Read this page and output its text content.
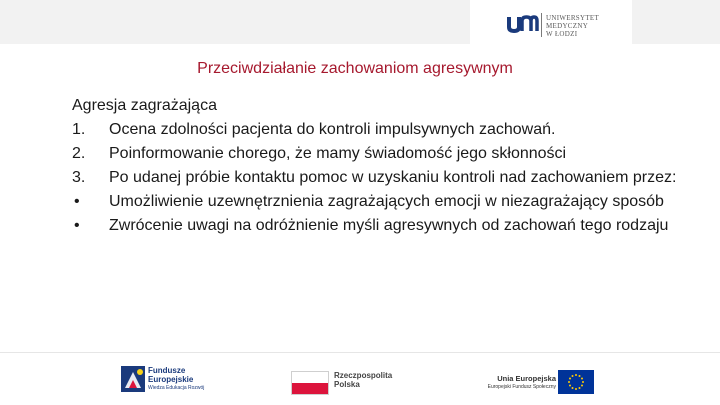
UNIWERSYTET
MEDYCZNY
W ŁODZI
Przeciwdziałanie zachowaniom agresywnym
Agresja zagrażająca
1.	Ocena zdolności pacjenta do kontroli impulsywnych zachowań.
2.	Poinformowanie chorego, że mamy świadomość jego skłonności
3.	Po udanej próbie kontaktu pomoc w uzyskaniu kontroli nad zachowaniem przez:
•	Umożliwienie uzewnętrznienia zagrażających emocji w niezagrażający sposób
•	Zwrócenie uwagi na odróżnienie myśli agresywnych od zachowań tego rodzaju
Fundusze
Europejskie
Wiedza Edukacja Rozwój
Rzeczpospolita
Polska
Unia Europejska
Europejski Fundusz Społeczny
